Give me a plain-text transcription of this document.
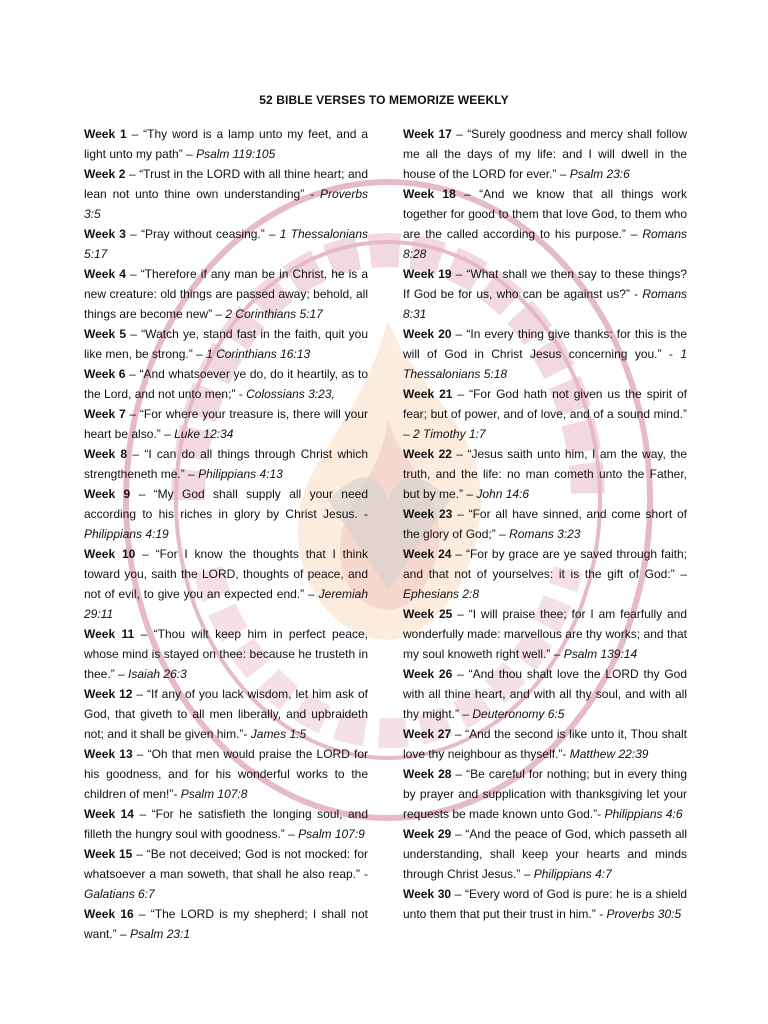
52 BIBLE VERSES TO MEMORIZE WEEKLY

Week 1 – “Thy word is a lamp unto my feet, and a light unto my path” – Psalm 119:105

Week 2 – “Trust in the LORD with all thine heart; and lean not unto thine own understanding” - Proverbs 3:5

Week 3 – “Pray without ceasing.” – 1 Thessalonians 5:17

Week 4 – “Therefore if any man be in Christ, he is a new creature: old things are passed away; behold, all things are become new” – 2 Corinthians 5:17

Week 5 – “Watch ye, stand fast in the faith, quit you like men, be strong.” – 1 Corinthians 16:13

Week 6 – “And whatsoever ye do, do it heartily, as to the Lord, and not unto men;” - Colossians 3:23,

Week 7 – “For where your treasure is, there will your heart be also.” – Luke 12:34

Week 8 – “I can do all things through Christ which strengtheneth me.” – Philippians 4:13

Week 9 – “My God shall supply all your need according to his riches in glory by Christ Jesus. - Philippians 4:19

Week 10 – “For I know the thoughts that I think toward you, saith the LORD, thoughts of peace, and not of evil, to give you an expected end.” – Jeremiah 29:11

Week 11 – “Thou wilt keep him in perfect peace, whose mind is stayed on thee: because he trusteth in thee.” – Isaiah 26:3

Week 12 – “If any of you lack wisdom, let him ask of God, that giveth to all men liberally, and upbraideth not; and it shall be given him.”- James 1:5

Week 13 – “Oh that men would praise the LORD for his goodness, and for his wonderful works to the children of men!”- Psalm 107:8

Week 14 – “For he satisfieth the longing soul, and filleth the hungry soul with goodness.” – Psalm 107:9

Week 15 – “Be not deceived; God is not mocked: for whatsoever a man soweth, that shall he also reap.” - Galatians 6:7

Week 16 – “The LORD is my shepherd; I shall not want.” – Psalm 23:1

Week 17 – “Surely goodness and mercy shall follow me all the days of my life: and I will dwell in the house of the LORD for ever.” – Psalm 23:6

Week 18 – “And we know that all things work together for good to them that love God, to them who are the called according to his purpose.” – Romans 8:28

Week 19 – “What shall we then say to these things? If God be for us, who can be against us?” - Romans 8:31

Week 20 – “In every thing give thanks: for this is the will of God in Christ Jesus concerning you.” - 1 Thessalonians 5:18

Week 21 – “For God hath not given us the spirit of fear; but of power, and of love, and of a sound mind.” – 2 Timothy 1:7

Week 22 – “Jesus saith unto him, I am the way, the truth, and the life: no man cometh unto the Father, but by me.” – John 14:6

Week 23 – “For all have sinned, and come short of the glory of God;” – Romans 3:23

Week 24 – “For by grace are ye saved through faith; and that not of yourselves: it is the gift of God:” – Ephesians 2:8

Week 25 – “I will praise thee; for I am fearfully and wonderfully made: marvellous are thy works; and that my soul knoweth right well.” – Psalm 139:14

Week 26 – “And thou shalt love the LORD thy God with all thine heart, and with all thy soul, and with all thy might.” – Deuteronomy 6:5

Week 27 – “And the second is like unto it, Thou shalt love thy neighbour as thyself.”- Matthew 22:39

Week 28 – “Be careful for nothing; but in every thing by prayer and supplication with thanksgiving let your requests be made known unto God.”- Philippians 4:6

Week 29 – “And the peace of God, which passeth all understanding, shall keep your hearts and minds through Christ Jesus.” – Philippians 4:7

Week 30 – “Every word of God is pure: he is a shield unto them that put their trust in him.” - Proverbs 30:5
